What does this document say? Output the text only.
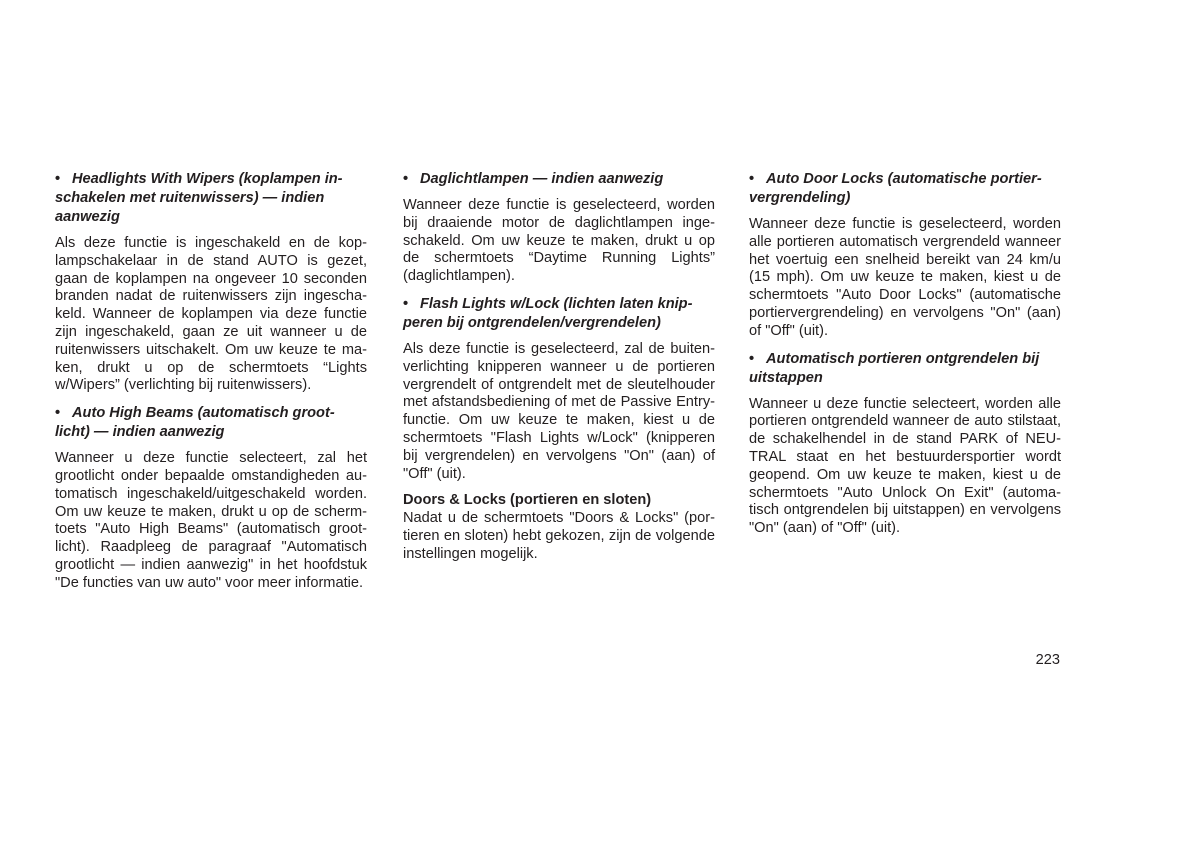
• Headlights With Wipers (koplampen in- schakelen met ruitenwissers) — indien aanwezig
Als deze functie is ingeschakeld en de kop- lampschakelaar in de stand AUTO is gezet, gaan de koplampen na ongeveer 10 seconden branden nadat de ruitenwissers zijn ingescha- keld. Wanneer de koplampen via deze functie zijn ingeschakeld, gaan ze uit wanneer u de ruitenwissers uitschakelt. Om uw keuze te ma- ken, drukt u op de schermtoets “Lights w/Wipers” (verlichting bij ruitenwissers).
• Auto High Beams (automatisch groot- licht) — indien aanwezig
Wanneer u deze functie selecteert, zal het grootlicht onder bepaalde omstandigheden au- tomatisch ingeschakeld/uitgeschakeld worden. Om uw keuze te maken, drukt u op de scherm- toets "Auto High Beams" (automatisch groot- licht). Raadpleeg de paragraaf "Automatisch grootlicht — indien aanwezig" in het hoofdstuk "De functies van uw auto" voor meer informatie.
• Daglichtlampen — indien aanwezig
Wanneer deze functie is geselecteerd, worden bij draaiende motor de daglichtlampen inge- schakeld. Om uw keuze te maken, drukt u op de schermtoets “Daytime Running Lights” (daglichtlampen).
• Flash Lights w/Lock (lichten laten knip- peren bij ontgrendelen/vergrendelen)
Als deze functie is geselecteerd, zal de buiten- verlichting knipperen wanneer u de portieren vergrendelt of ontgrendelt met de sleutelhouder met afstandsbediening of met de Passive Entry- functie. Om uw keuze te maken, kiest u de schermtoets "Flash Lights w/Lock" (knipperen bij vergrendelen) en vervolgens "On" (aan) of "Off" (uit).
Doors & Locks (portieren en sloten)
Nadat u de schermtoets "Doors & Locks" (por- tieren en sloten) hebt gekozen, zijn de volgende instellingen mogelijk.
• Auto Door Locks (automatische portier- vergrendeling)
Wanneer deze functie is geselecteerd, worden alle portieren automatisch vergrendeld wanneer het voertuig een snelheid bereikt van 24 km/u (15 mph). Om uw keuze te maken, kiest u de schermtoets "Auto Door Locks" (automatische portiervergrendeling) en vervolgens "On" (aan) of "Off" (uit).
• Automatisch portieren ontgrendelen bij uitstappen
Wanneer u deze functie selecteert, worden alle portieren ontgrendeld wanneer de auto stilstaat, de schakelhendel in de stand PARK of NEU- TRAL staat en het bestuurdersportier wordt geopend. Om uw keuze te maken, kiest u de schermtoets "Auto Unlock On Exit" (automa- tisch ontgrendelen bij uitstappen) en vervolgens "On" (aan) of "Off" (uit).
223
